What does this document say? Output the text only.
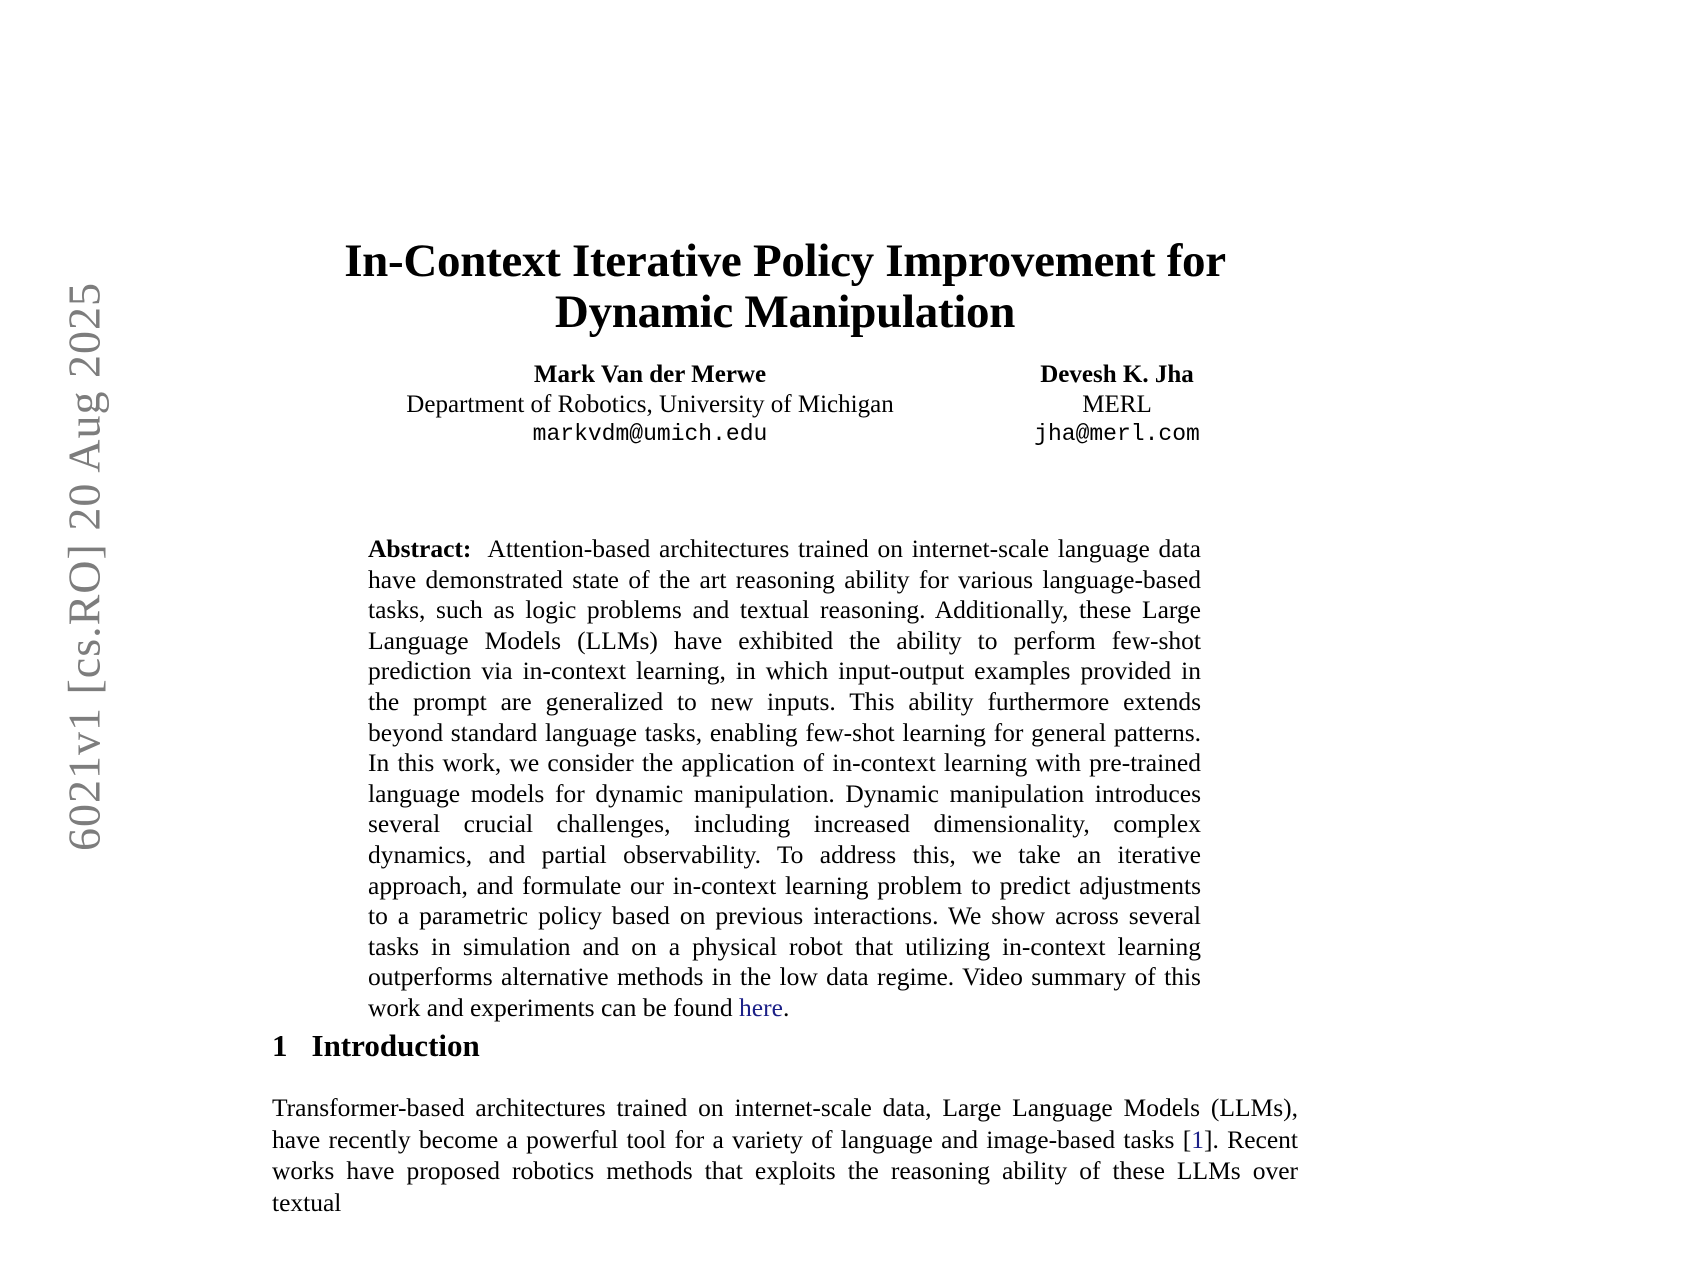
6021v1 [cs.RO] 20 Aug 2025
In-Context Iterative Policy Improvement for Dynamic Manipulation
Mark Van der Merwe
Department of Robotics, University of Michigan
markvdm@umich.edu
Devesh K. Jha
MERL
jha@merl.com
Abstract: Attention-based architectures trained on internet-scale language data have demonstrated state of the art reasoning ability for various language-based tasks, such as logic problems and textual reasoning. Additionally, these Large Language Models (LLMs) have exhibited the ability to perform few-shot prediction via in-context learning, in which input-output examples provided in the prompt are generalized to new inputs. This ability furthermore extends beyond standard language tasks, enabling few-shot learning for general patterns. In this work, we consider the application of in-context learning with pre-trained language models for dynamic manipulation. Dynamic manipulation introduces several crucial challenges, including increased dimensionality, complex dynamics, and partial observability. To address this, we take an iterative approach, and formulate our in-context learning problem to predict adjustments to a parametric policy based on previous interactions. We show across several tasks in simulation and on a physical robot that utilizing in-context learning outperforms alternative methods in the low data regime. Video summary of this work and experiments can be found here.
1 Introduction
Transformer-based architectures trained on internet-scale data, Large Language Models (LLMs), have recently become a powerful tool for a variety of language and image-based tasks [1]. Recent works have proposed robotics methods that exploits the reasoning ability of these LLMs over textual
